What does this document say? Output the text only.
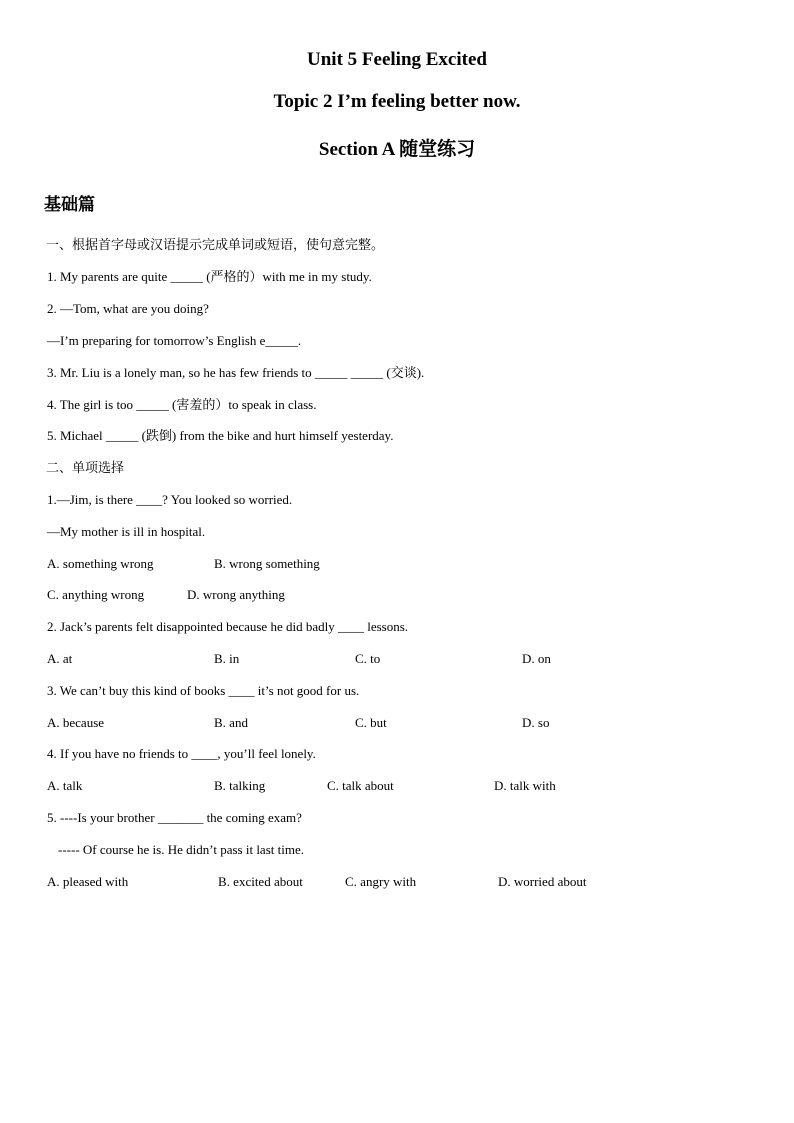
Unit 5 Feeling Excited
Topic 2 I’m feeling better now.
Section A 随堂练习
基础篇
一、根据首字母或汉语提示完成单词或短语，使句意完整。
1. My parents are quite _____ (严格的）with me in my study.
2. —Tom, what are you doing?
—I’m preparing for tomorrow’s English e_____.
3. Mr. Liu is a lonely man, so he has few friends to _____ _____ (交谈).
4. The girl is too _____ (害羞的）to speak in class.
5. Michael _____ (跌倒) from the bike and hurt himself yesterday.
二、单项选择
1.—Jim, is there ____? You looked so worried.
—My mother is ill in hospital.
A. something wrong	B. wrong something
C. anything wrong	D. wrong anything
2. Jack’s parents felt disappointed because he did badly ____ lessons.
A. at	B. in	C. to	D. on
3. We can’t buy this kind of books ____ it’s not good for us.
A. because	B. and	C. but	D. so
4. If you have no friends to ____, you’ll feel lonely.
A. talk	B. talking	C. talk about	D. talk with
5. ----Is your brother _______ the coming exam?
----- Of course he is. He didn’t pass it last time.
A. pleased with	B. excited about	C. angry with	D. worried about
